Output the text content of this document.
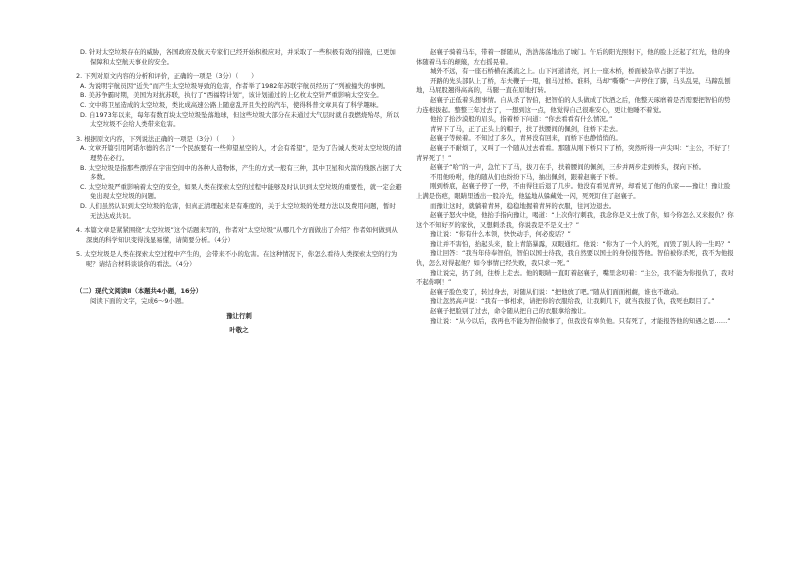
D. 针对太空垃圾存在的威胁，各国政府及航天专家们已经开始积极应对，并采取了一些积极有效的措施，已更加保障和太空航天事业的安全。

2. 下列对原文内容的分析和评价，正确的一项是（3分）（　　）

A. 为说明宇航员因“近失”而产生太空垃圾导致的危害，作者举了1982年苏联宇航员经历了“列被撞失的事例。

B. 美苏争霸时期，美国为对抗苏联，执行了“西福特计划”，该计划通过的上亿枚太空针严重影响太空安全。

C. 文中将卫星造成的太空垃圾，类比成高速公路上随意乱开且失控的汽车，使得科普文章具有了科学趣味。

D. 自1973年以来，每年有数百块太空垃圾坠落地球，但这些垃圾大部分在未通过大气层时就自我燃烧殆尽，所以太空垃圾不会给人类带来危害。

3. 根据原文内容，下列说法正确的一项是（3分）（　　）

A. 文章开篇引用阿诺尔德的名言“一个民族要有一些仰望星空的人，才会有希望”，是为了告诫人类对太空垃圾的清理势在必行。

B. 太空垃圾是指那些漂浮在宇宙空间中的各种人造物体，产生的方式一般有三种，其中卫星和火箭的残骸占据了大多数。

C. 太空垃圾严重影响着太空的安全，如果人类在探索太空的过程中能够及时认识到太空垃圾的重要性，就一定会避免出现太空垃圾的问题。

D. 人们虽然认识到太空垃圾的危害，但真正清理起来是有难度的，关于太空垃圾的处理方法以及费用问题，暂时无法达成共识。

4. 本篇文章是紧紧围绕“太空垃圾”这个话题来写的，作者对“太空垃圾”从哪几个方面做出了介绍？作者如何做到从深奥的科学知识变得浅显易懂，请简要分析。（4分）

5. 太空垃圾是人类在探索太空过程中产生的，会带来不小的危害。在这种情况下，你怎么看待人类探索太空的行为呢？请结合材料谈谈你的看法。（4分）

（二）现代文阅读Ⅱ（本题共4小题，16分）

阅读下面的文字，完成6～9小题。

豫让行刺

叶敬之

赵襄子骑着马车，带着一群随从，浩浩荡荡地出了城门。午后的阳光照射下，他的脸上泛起了红光，他的身体随着马车的颠簸，左右摇晃着。

城外不远，有一座石桥横在溪流之上。山下河道清亮，河上一座木桥，桥面被杂草占据了半边。

开路的先头部队上了桥，车夫鞭子一甩，催马过桥。谁料，马却“嘶嘶”一声停住了脚，马头乱晃，马蹄乱刨地，马屁股翘得高高的，马腿一直在原地打转。

赵襄子正低着头想事情。自从杀了智伯，把智伯的人头做成了饮酒之后，他整天琢磨着是否需要把智伯的势力连根拔起。整整三年过去了，一想到这一点，他觉得自己很难安心，更让他睡不着觉。

他抬了抬沙漠般的眉头，指着桥下问道：“你去看看有什么情况。”

青昇下了马，正了正头上的帽子，扶了扶腰间的佩剑，往桥下走去。

赵襄子等候着。不知过了多久，青昇没有回来，而桥下也静悄悄的。

赵襄子不耐烦了，又叫了一个随从过去看看。那随从刚下桥只下了桥，突然听得一声尖叫：“主公，不好了！青昇死了！”

赵襄子“哈”的一声，急忙下了马，拔刀在手，扶着腰间的佩剑，三步并两步走到桥头，探向下桥。

不用他吩咐，他的随从们也纷纷下马，抽出佩剑，跟着赵襄子下桥。

刚到桥底，赵襄子停了一停，不由得往后退了几步。他没有看见青昇，却看见了他的仇家——豫让！豫让脸上满是伤疤，眼睛里透出一股冷光，他猛地从躲藏处一闪，死死盯住了赵襄子。

而豫让这时，就躺着青昇，稳稳地握着青昇的衣服，往河边退去。

赵襄子怒火中烧，他抬手指向豫让，喝道：“上次你行刺我，我念你是义士放了你，如今你怎么又来报仇？你这个不知好歹的家伙，又想刺杀我，你说我是不是义士？”

豫让说：“你有什么本领，快快动手，何必废话？”

豫让并不害怕，抬起头来，脸上青筋暴露，双眼通红。他说：“你为了一个人的死，而毁了别人的一生吗？”

豫让回答：“我当年侍奉智伯，智伯以国士待我，我自然要以国士的身份报答他。智伯被你杀死，我不为他报仇，怎么对得起他？如今事情已经失败，我只求一死。”

豫让说完，扔了剑，往桥上走去。他的眼睛一直盯着赵襄子，嘴里念叨着：“主公，我不能为你报仇了，我对不起你啊！”

赵襄子脸色变了，转过身去，对随从们说：“把他放了吧。”随从们面面相觑，谁也不敢动。

豫让忽然高声说：“我有一事相求，请把你的衣服给我，让我刺几下，就当我报了仇，我死也瞑目了。”

赵襄子把脸别了过去，命令随从把自己的衣服拿给豫让。

豫让说：“从今以后，我再也不能为智伯做事了，但我没有辜负他。只有死了，才能报答他的知遇之恩……”
